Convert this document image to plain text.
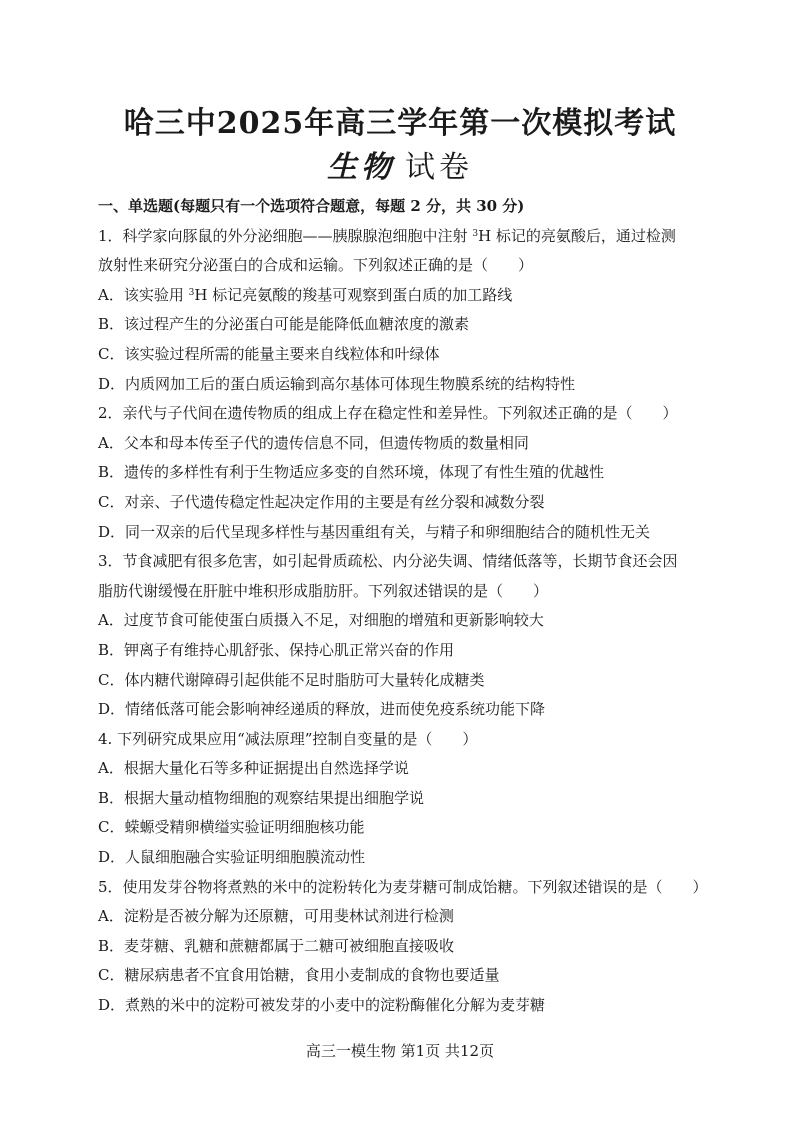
哈三中2025年高三学年第一次模拟考试
生物 试卷
一、单选题(每题只有一个选项符合题意，每题 2 分，共 30 分)
1．科学家向豚鼠的外分泌细胞——胰腺腺泡细胞中注射 $^3$H 标记的亮氨酸后，通过检测
放射性来研究分泌蛋白的合成和运输。下列叙述正确的是（　　）
A．该实验用 $^3$H 标记亮氨酸的羧基可观察到蛋白质的加工路线
B．该过程产生的分泌蛋白可能是能降低血糖浓度的激素
C．该实验过程所需的能量主要来自线粒体和叶绿体
D．内质网加工后的蛋白质运输到高尔基体可体现生物膜系统的结构特性
2．亲代与子代间在遗传物质的组成上存在稳定性和差异性。下列叙述正确的是（　　）
A．父本和母本传至子代的遗传信息不同，但遗传物质的数量相同
B．遗传的多样性有利于生物适应多变的自然环境，体现了有性生殖的优越性
C．对亲、子代遗传稳定性起决定作用的主要是有丝分裂和减数分裂
D．同一双亲的后代呈现多样性与基因重组有关，与精子和卵细胞结合的随机性无关
3．节食减肥有很多危害，如引起骨质疏松、内分泌失调、情绪低落等，长期节食还会因
脂肪代谢缓慢在肝脏中堆积形成脂肪肝。下列叙述错误的是（　　）
A．过度节食可能使蛋白质摄入不足，对细胞的增殖和更新影响较大
B．钾离子有维持心肌舒张、保持心肌正常兴奋的作用
C．体内糖代谢障碍引起供能不足时脂肪可大量转化成糖类
D．情绪低落可能会影响神经递质的释放，进而使免疫系统功能下降
4. 下列研究成果应用“减法原理”控制自变量的是（　　）
A．根据大量化石等多种证据提出自然选择学说
B．根据大量动植物细胞的观察结果提出细胞学说
C．蝾螈受精卵横缢实验证明细胞核功能
D．人鼠细胞融合实验证明细胞膜流动性
5．使用发芽谷物将煮熟的米中的淀粉转化为麦芽糖可制成饴糖。下列叙述错误的是（　　）
A．淀粉是否被分解为还原糖，可用斐林试剂进行检测
B．麦芽糖、乳糖和蔗糖都属于二糖可被细胞直接吸收
C．糖尿病患者不宜食用饴糖，食用小麦制成的食物也要适量
D．煮熟的米中的淀粉可被发芽的小麦中的淀粉酶催化分解为麦芽糖
高三一模生物 第1页 共12页
